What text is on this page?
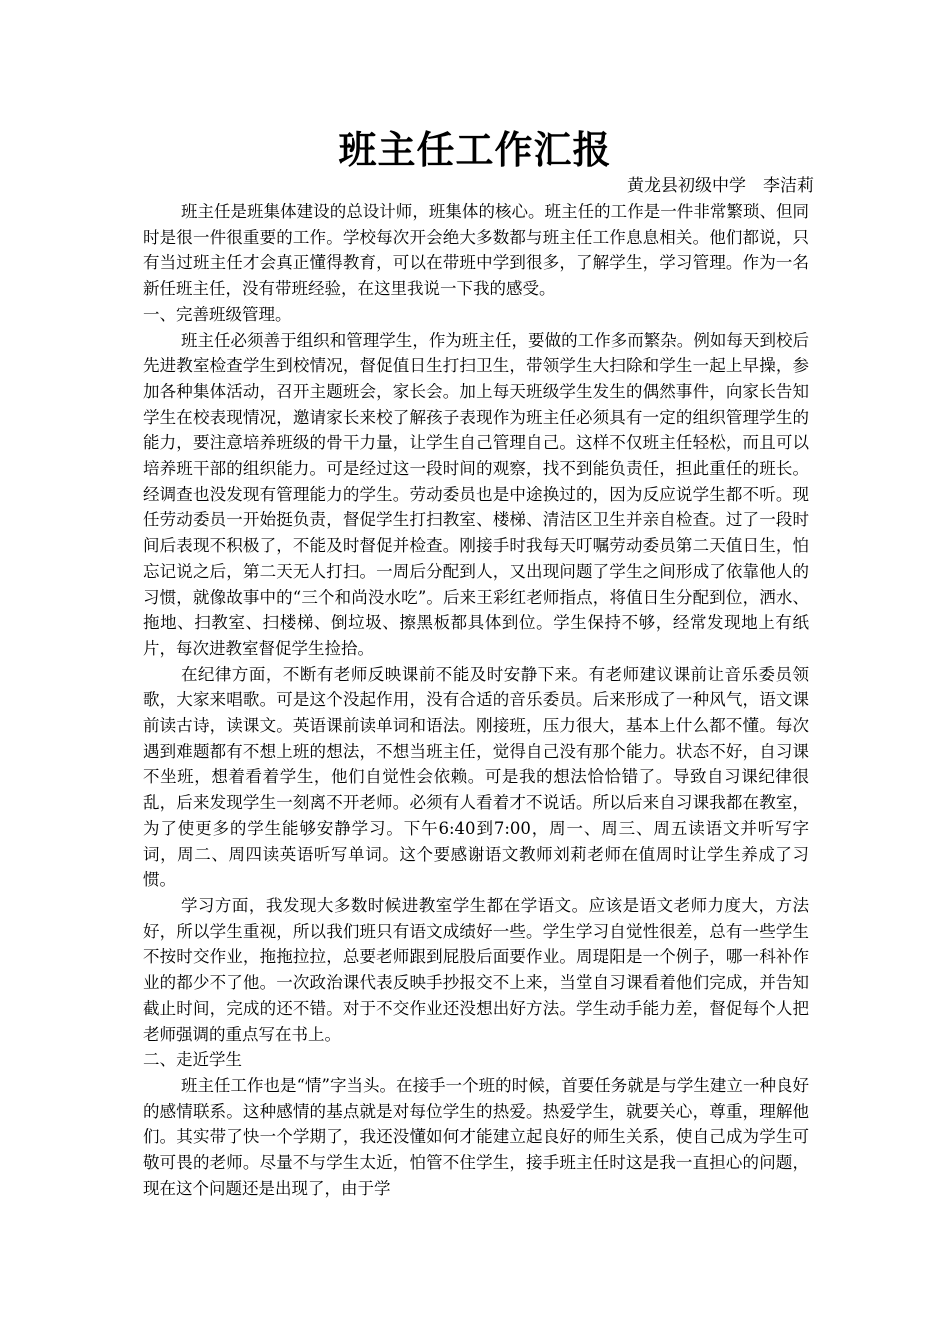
班主任工作汇报
黄龙县初级中学　李洁莉

班主任是班集体建设的总设计师，班集体的核心。班主任的工作是一件非常繁琐、但同时是很一件很重要的工作。学校每次开会绝大多数都与班主任工作息息相关。他们都说，只有当过班主任才会真正懂得教育，可以在带班中学到很多，了解学生，学习管理。作为一名新任班主任，没有带班经验，在这里我说一下我的感受。

一、完善班级管理。

班主任必须善于组织和管理学生，作为班主任，要做的工作多而繁杂。例如每天到校后先进教室检查学生到校情况，督促值日生打扫卫生，带领学生大扫除和学生一起上早操，参加各种集体活动，召开主题班会，家长会。加上每天班级学生发生的偶然事件，向家长告知学生在校表现情况，邀请家长来校了解孩子表现作为班主任必须具有一定的组织管理学生的能力，要注意培养班级的骨干力量，让学生自己管理自己。这样不仅班主任轻松，而且可以培养班干部的组织能力。可是经过这一段时间的观察，找不到能负责任，担此重任的班长。经调查也没发现有管理能力的学生。劳动委员也是中途换过的，因为反应说学生都不听。现任劳动委员一开始挺负责，督促学生打扫教室、楼梯、清洁区卫生并亲自检查。过了一段时间后表现不积极了，不能及时督促并检查。刚接手时我每天叮嘱劳动委员第二天值日生，怕忘记说之后，第二天无人打扫。一周后分配到人，又出现问题了学生之间形成了依靠他人的习惯，就像故事中的“三个和尚没水吃”。后来王彩红老师指点，将值日生分配到位，洒水、拖地、扫教室、扫楼梯、倒垃圾、擦黑板都具体到位。学生保持不够，经常发现地上有纸片，每次进教室督促学生捡拾。

在纪律方面，不断有老师反映课前不能及时安静下来。有老师建议课前让音乐委员领歌，大家来唱歌。可是这个没起作用，没有合适的音乐委员。后来形成了一种风气，语文课前读古诗，读课文。英语课前读单词和语法。刚接班，压力很大，基本上什么都不懂。每次遇到难题都有不想上班的想法，不想当班主任，觉得自己没有那个能力。状态不好，自习课不坐班，想着看着学生，他们自觉性会依赖。可是我的想法恰恰错了。导致自习课纪律很乱，后来发现学生一刻离不开老师。必须有人看着才不说话。所以后来自习课我都在教室，为了使更多的学生能够安静学习。下午6:40到7:00，周一、周三、周五读语文并听写字词，周二、周四读英语听写单词。这个要感谢语文教师刘莉老师在值周时让学生养成了习惯。

学习方面，我发现大多数时候进教室学生都在学语文。应该是语文老师力度大，方法好，所以学生重视，所以我们班只有语文成绩好一些。学生学习自觉性很差，总有一些学生不按时交作业，拖拖拉拉，总要老师跟到屁股后面要作业。周瑅阳是一个例子，哪一科补作业的都少不了他。一次政治课代表反映手抄报交不上来，当堂自习课看着他们完成，并告知截止时间，完成的还不错。对于不交作业还没想出好方法。学生动手能力差，督促每个人把老师强调的重点写在书上。

二、走近学生

班主任工作也是“情”字当头。在接手一个班的时候，首要任务就是与学生建立一种良好的感情联系。这种感情的基点就是对每位学生的热爱。热爱学生，就要关心，尊重，理解他们。其实带了快一个学期了，我还没懂如何才能建立起良好的师生关系，使自己成为学生可敬可畏的老师。尽量不与学生太近，怕管不住学生，接手班主任时这是我一直担心的问题，现在这个问题还是出现了，由于学
